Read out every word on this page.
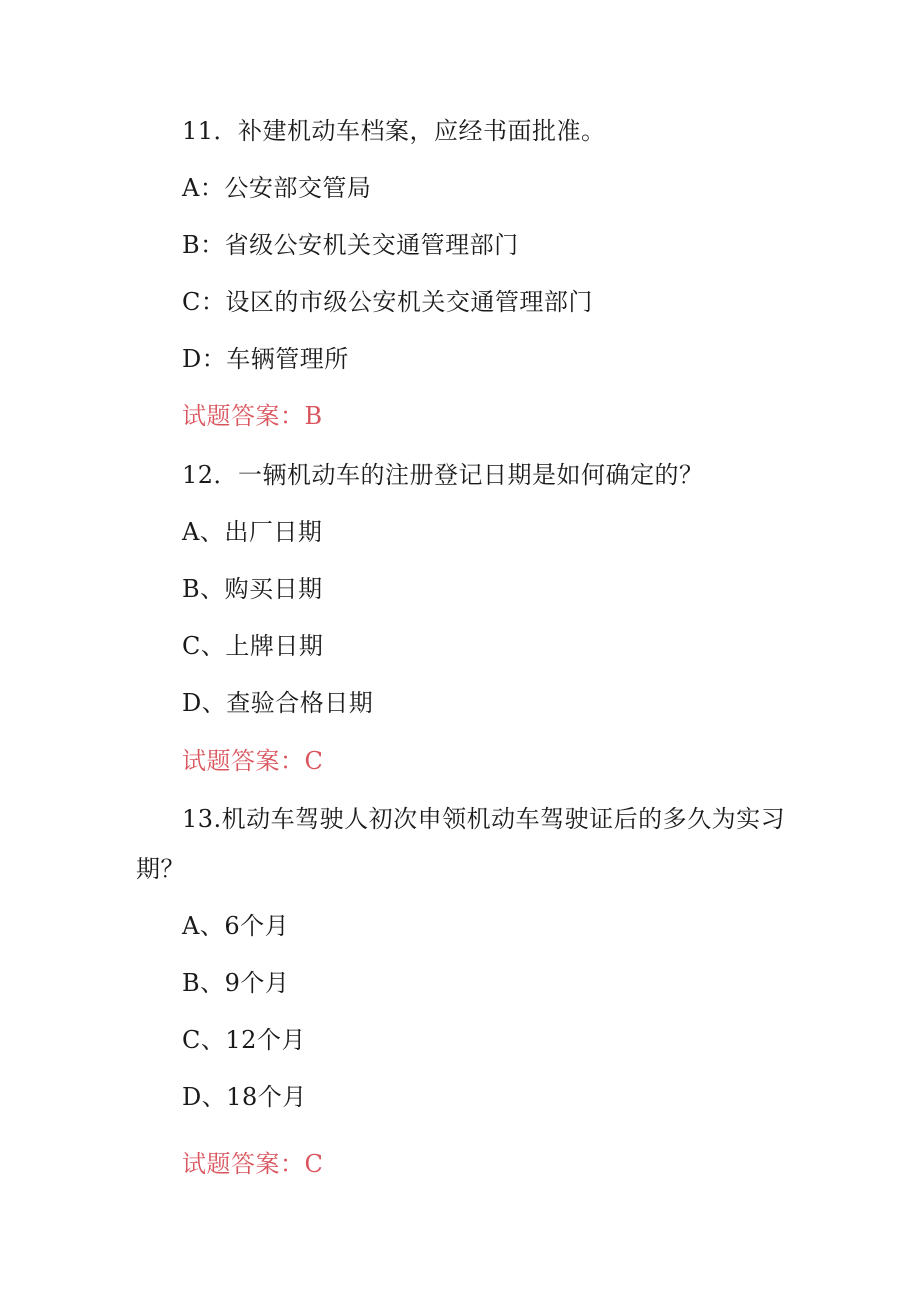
11．补建机动车档案，应经书面批准。
A：公安部交管局
B：省级公安机关交通管理部门
C：设区的市级公安机关交通管理部门
D：车辆管理所
试题答案：B
12．一辆机动车的注册登记日期是如何确定的？
A、出厂日期
B、购买日期
C、上牌日期
D、查验合格日期
试题答案：C
13.机动车驾驶人初次申领机动车驾驶证后的多久为实习
期？
A、6个月
B、9个月
C、12个月
D、18个月
试题答案：C
